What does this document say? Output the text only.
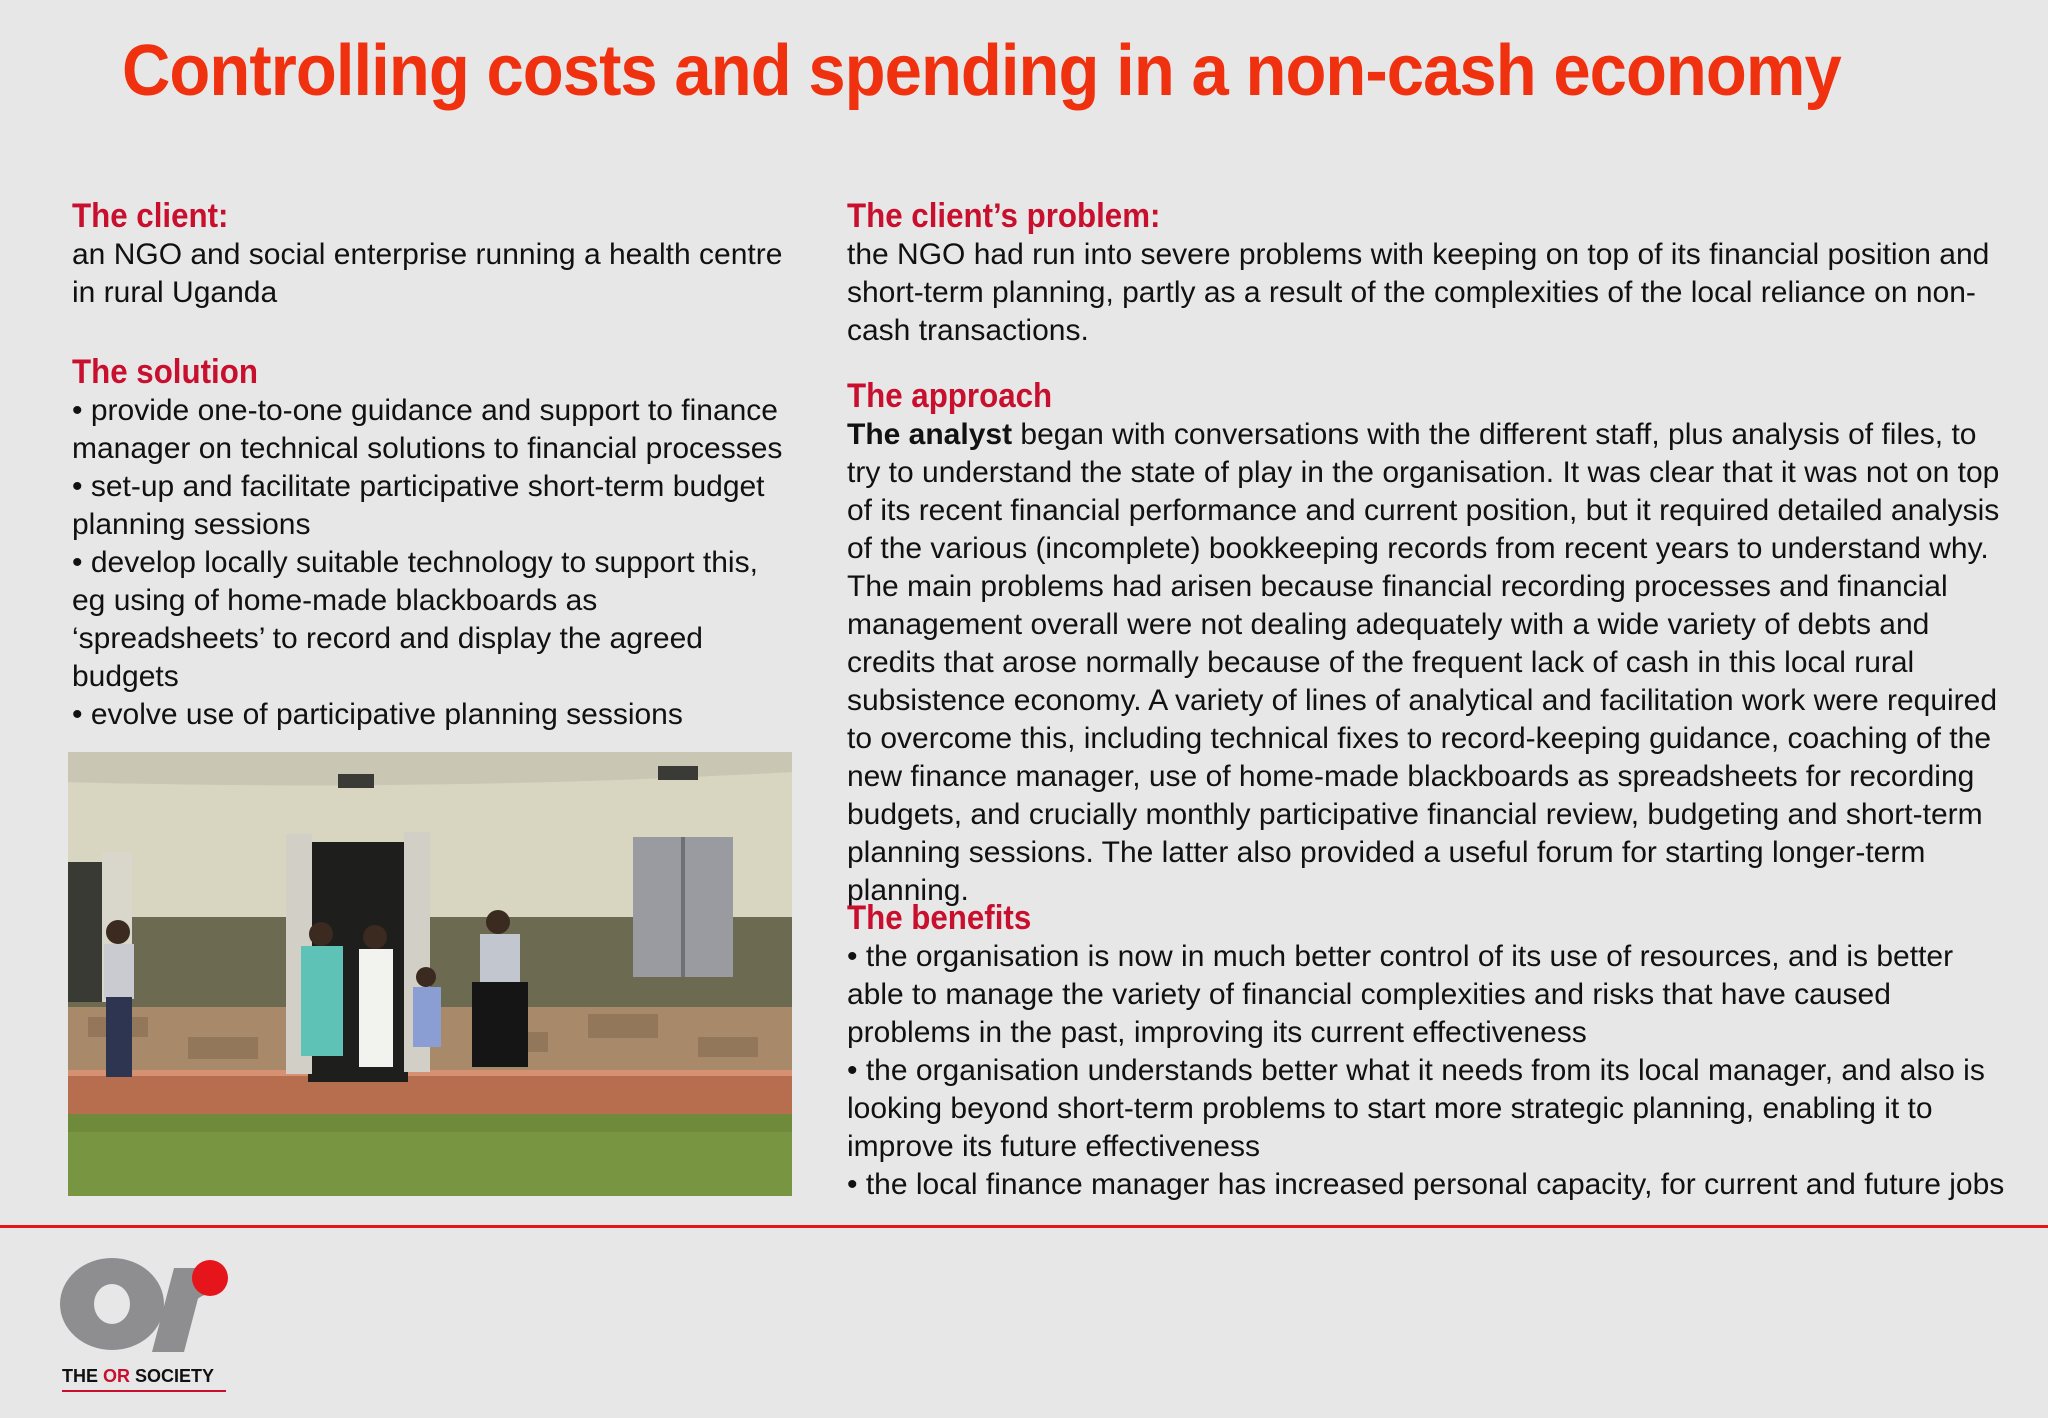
Controlling costs and spending in a non-cash economy

The client:

an NGO and social enterprise running a health centre in rural Uganda

The solution

• provide one-to-one guidance and support to finance manager on technical solutions to financial processes

• set-up and facilitate participative short-term budget planning sessions

• develop locally suitable technology to support this, eg using of home-made blackboards as ‘spreadsheets’ to record and display the agreed budgets

• evolve use of participative planning sessions

The client’s problem:

the NGO had run into severe problems with keeping on top of its financial position and short-term planning, partly as a result of the complexities of the local reliance on non-cash transactions.

The approach

The analyst began with conversations with the different staff, plus analysis of files, to try to understand the state of play in the organisation. It was clear that it was not on top of its recent financial performance and current position, but it required detailed analysis of the various (incomplete) bookkeeping records from recent years to understand why. The main problems had arisen because financial recording processes and financial management overall were not dealing adequately with a wide variety of debts and credits that arose normally because of the frequent lack of cash in this local rural subsistence economy. A variety of lines of analytical and facilitation work were required to overcome this, including technical fixes to record-keeping guidance, coaching of the new finance manager, use of home-made blackboards as spreadsheets for recording budgets, and crucially monthly participative financial review, budgeting and short-term planning sessions. The latter also provided a useful forum for starting longer-term planning.

The benefits

• the organisation is now in much better control of its use of resources, and is better able to manage the variety of financial complexities and risks that have caused problems in the past, improving its current effectiveness

• the organisation understands better what it needs from its local manager, and also is looking beyond short-term problems to start more strategic planning, enabling it to improve its future effectiveness

• the local finance manager has increased personal capacity, for current and future jobs

THE OR SOCIETY
